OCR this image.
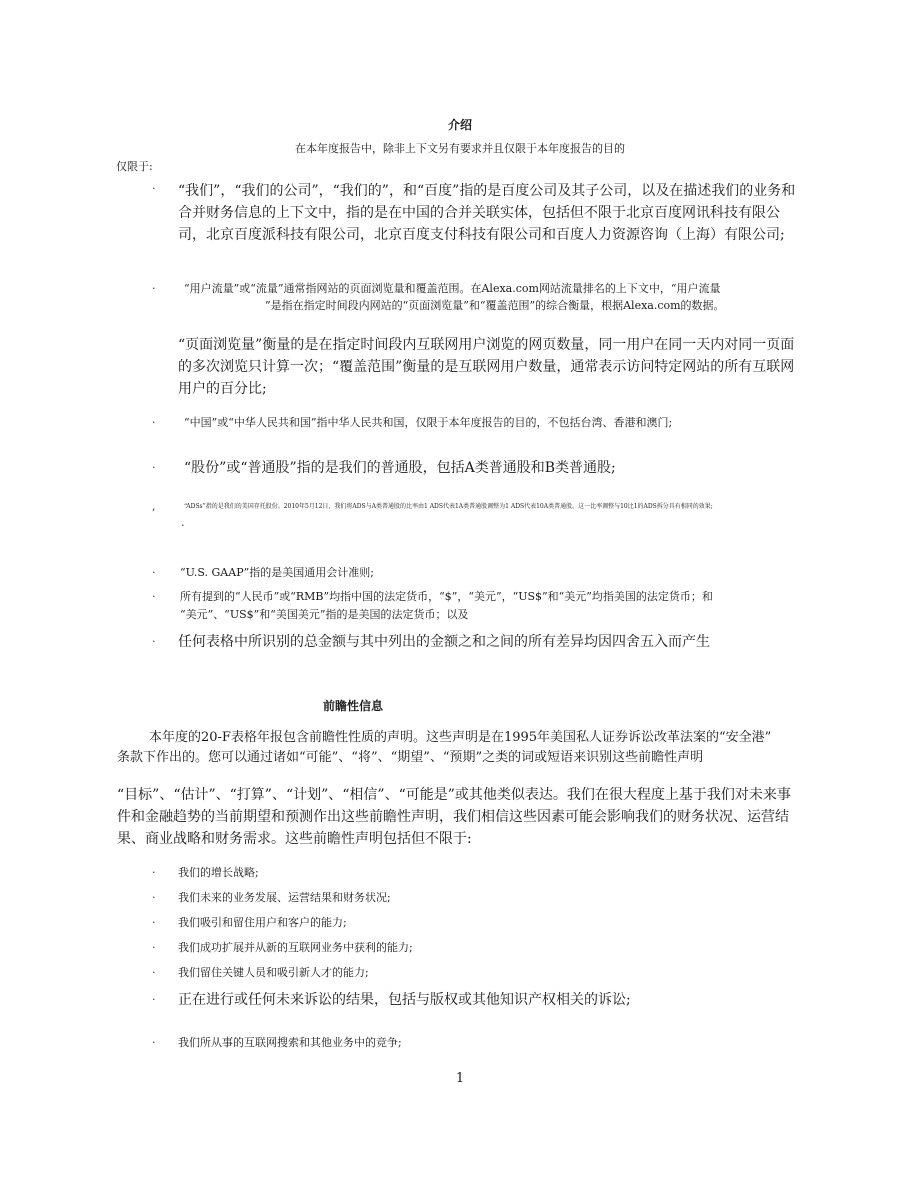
介绍
在本年度报告中，除非上下文另有要求并且仅限于本年度报告的目的
仅限于:
· “我们”，“我们的公司”，“我们的”，和“百度”指的是百度公司及其子公司，以及在描述我们的业务和合并财务信息的上下文中，指的是在中国的合并关联实体，包括但不限于北京百度网讯科技有限公司，北京百度派科技有限公司，北京百度支付科技有限公司和百度人力资源咨询（上海）有限公司;
·	“用户流量”或“流量”通常指网站的页面浏览量和覆盖范围。在Alexa.com网站流量排名的上下文中，“用户流量
”是指在指定时间段内网站的“页面浏览量”和“覆盖范围”的综合衡量，根据Alexa.com的数据。
“页面浏览量”衡量的是在指定时间段内互联网用户浏览的网页数量，同一用户在同一天内对同一页面的多次浏览只计算一次；“覆盖范围”衡量的是互联网用户数量，通常表示访问特定网站的所有互联网用户的百分比;
·	“中国”或“中华人民共和国”指中华人民共和国，仅限于本年度报告的目的，不包括台湾、香港和澳门;
· “股份”或“普通股”指的是我们的普通股，包括A类普通股和B类普通股;
,	“ADSs”指的是我们的美国存托股份。2010年5月12日，我们将ADS与A类普通股的比率由1 ADS代表1A类普通股调整为1 ADS代表10A类普通股。这一比率调整与10比1的ADS拆分具有相同的效果;
.
· “U.S. GAAP”指的是美国通用会计准则;
· 所有提到的“人民币”或“RMB”均指中国的法定货币，“$”，“美元”，“US$”和“美元”均指美国的法定货币；和
“美元”、“US$”和“美国美元”指的是美国的法定货币；以及
· 任何表格中所识别的总金额与其中列出的金额之和之间的所有差异均因四舍五入而产生
前瞻性信息
本年度的20-F表格年报包含前瞻性性质的声明。这些声明是在1995年美国私人证券诉讼改革法案的“安全港”
条款下作出的。您可以通过诸如“可能”、“将”、“期望”、“预期”之类的词或短语来识别这些前瞻性声明
“目标”、“估计”、“打算”、“计划”、“相信”、“可能是”或其他类似表达。我们在很大程度上基于我们对未来事件和金融趋势的当前期望和预测作出这些前瞻性声明，我们相信这些因素可能会影响我们的财务状况、运营结果、商业战略和财务需求。这些前瞻性声明包括但不限于:
· 我们的增长战略;
· 我们未来的业务发展、运营结果和财务状况;
· 我们吸引和留住用户和客户的能力;
· 我们成功扩展并从新的互联网业务中获利的能力;
· 我们留住关键人员和吸引新人才的能力;
· 正在进行或任何未来诉讼的结果，包括与版权或其他知识产权相关的诉讼;
· 我们所从事的互联网搜索和其他业务中的竞争;
1
